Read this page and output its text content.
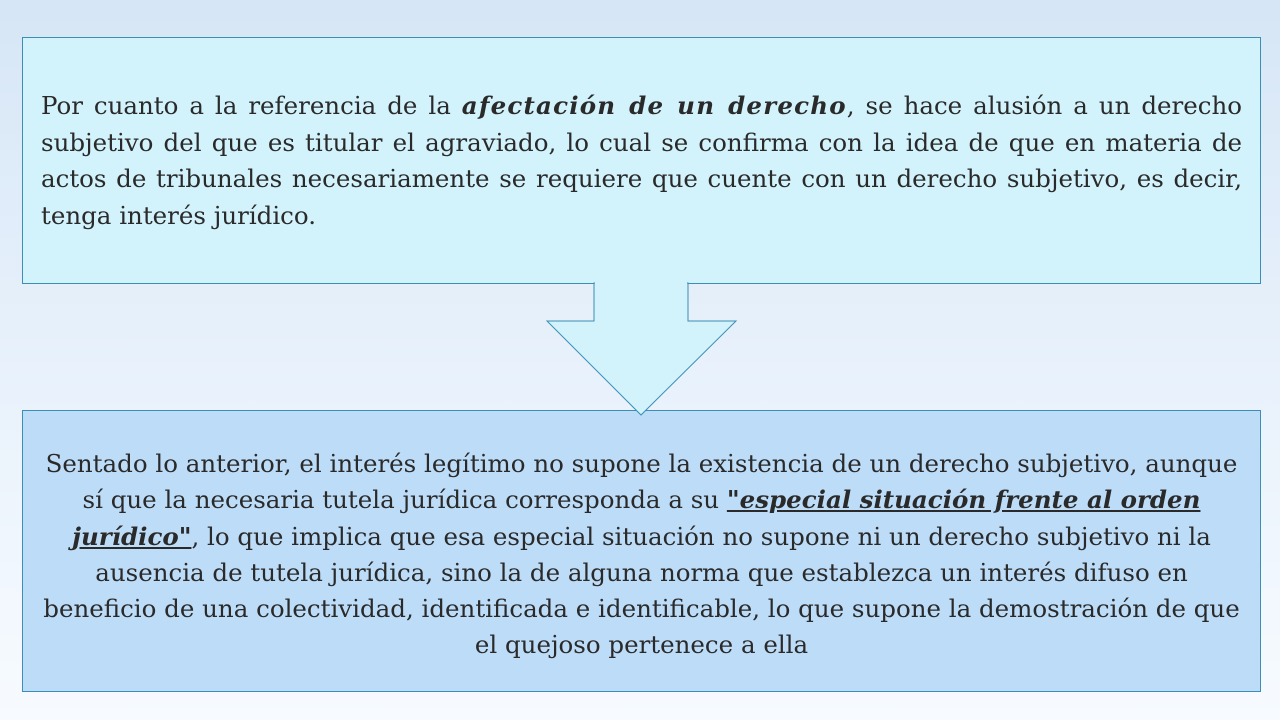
Por cuanto a la referencia de la afectación de un derecho, se hace alusión a un derecho subjetivo del que es titular el agraviado, lo cual se confirma con la idea de que en materia de actos de tribunales necesariamente se requiere que cuente con un derecho subjetivo, es decir, tenga interés jurídico.

Sentado lo anterior, el interés legítimo no supone la existencia de un derecho subjetivo, aunque sí que la necesaria tutela jurídica corresponda a su "especial situación frente al orden jurídico", lo que implica que esa especial situación no supone ni un derecho subjetivo ni la ausencia de tutela jurídica, sino la de alguna norma que establezca un interés difuso en beneficio de una colectividad, identificada e identificable, lo que supone la demostración de que el quejoso pertenece a ella
